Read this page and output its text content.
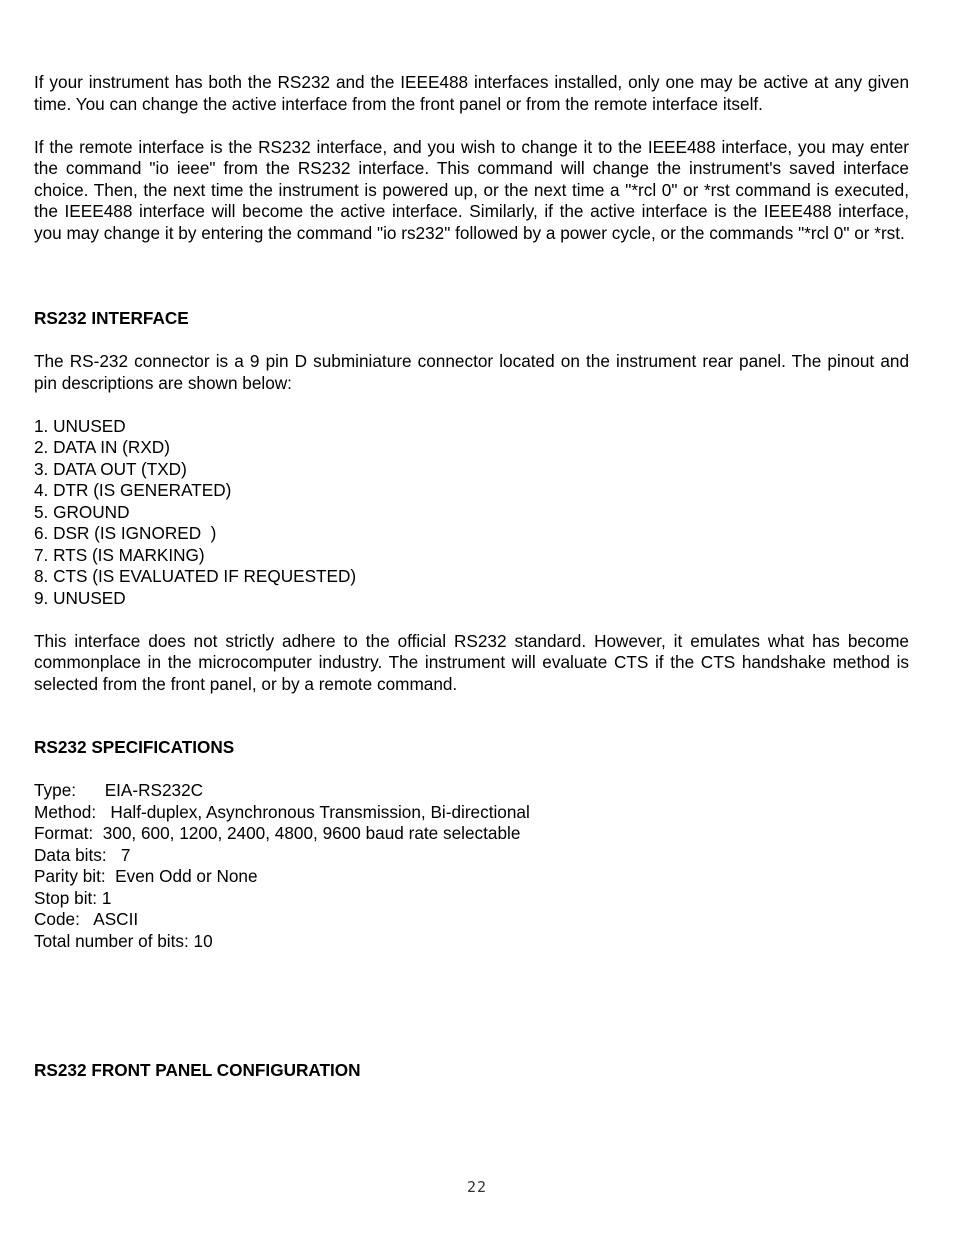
If your instrument has both the RS232 and the IEEE488 interfaces installed, only one may be active at any given time. You can change the active interface from the front panel or from the remote interface itself.

If the remote interface is the RS232 interface, and you wish to change it to the IEEE488 interface, you may enter the command "io ieee" from the RS232 interface. This command will change the instrument's saved interface choice. Then, the next time the instrument is powered up, or the next time a "*rcl 0" or *rst command is executed, the IEEE488 interface will become the active interface. Similarly, if the active interface is the IEEE488 interface, you may change it by entering the command "io rs232" followed by a power cycle, or the commands "*rcl 0" or *rst.

RS232 INTERFACE

The RS-232 connector is a 9 pin D subminiature connector located on the instrument rear panel. The pinout and pin descriptions are shown below:

1. UNUSED
2. DATA IN (RXD)
3. DATA OUT (TXD)
4. DTR (IS GENERATED)
5. GROUND
6. DSR (IS IGNORED  )
7. RTS (IS MARKING)
8. CTS (IS EVALUATED IF REQUESTED)
9. UNUSED

This interface does not strictly adhere to the official RS232 standard. However, it emulates what has become commonplace in the microcomputer industry. The instrument will evaluate CTS if the CTS handshake method is selected from the front panel, or by a remote command.

RS232 SPECIFICATIONS
Type:      EIA-RS232C
Method:   Half-duplex, Asynchronous Transmission, Bi-directional
Format:  300, 600, 1200, 2400, 4800, 9600 baud rate selectable
Data bits:   7
Parity bit:  Even Odd or None
Stop bit: 1
Code:   ASCII
Total number of bits: 10
RS232 FRONT PANEL CONFIGURATION
22
